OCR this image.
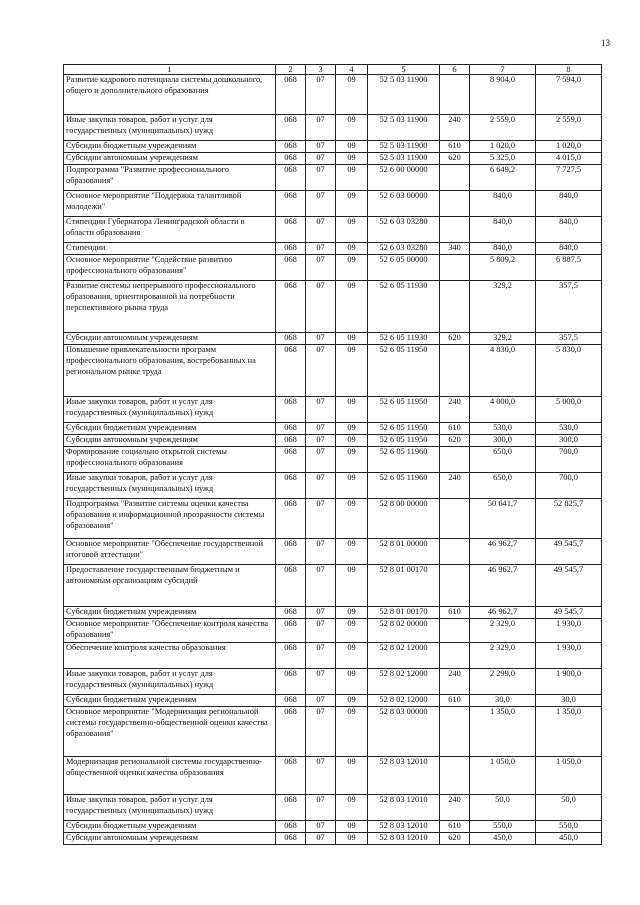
13
1	2	3	4	5	6	7	8
Развитие кадрового потенциала системы дошкольного, общего и дополнительного образования	068	07	09	52 5 03 11900		8 904,0	7 594,0
Иные закупки товаров, работ и услуг для государственных (муниципальных) нужд	068	07	09	52 5 03 11900	240	2 559,0	2 559,0
Субсидии бюджетным учреждениям	068	07	09	52 5 03 11900	610	1 020,0	1 020,0
Субсидии автономным учреждениям	068	07	09	52 5 03 11900	620	5 325,0	4 015,0
Подпрограмма "Развитие профессионального образования"	068	07	09	52 6 00 00000		6 649,2	7 727,5
Основное мероприятие "Поддержка талантливой молодежи"	068	07	09	52 6 03 00000		840,0	840,0
Стипендии Губернатора Ленинградской области в области образования	068	07	09	52 6 03 03280		840,0	840,0
Стипендии	068	07	09	52 6 03 03280	340	840,0	840,0
Основное мероприятие "Содействие развитию профессионального образования"	068	07	09	52 6 05 00000		5 809,2	6 887,5
Развитие системы непрерывного профессионального образования, ориентированной на потребности перспективного рынка труда	068	07	09	52 6 05 11930		329,2	357,5
Субсидии автономным учреждениям	068	07	09	52 6 05 11930	620	329,2	357,5
Повышение привлекательности программ профессионального образования, востребованных на региональном рынке труда	068	07	09	52 6 05 11950		4 830,0	5 830,0
Иные закупки товаров, работ и услуг для государственных (муниципальных) нужд	068	07	09	52 6 05 11950	240	4 000,0	5 000,0
Субсидии бюджетным учреждениям	068	07	09	52 6 05 11950	610	530,0	530,0
Субсидии автономным учреждениям	068	07	09	52 6 05 11950	620	300,0	300,0
Формирование социально открытой системы профессионального образования	068	07	09	52 6 05 11960		650,0	700,0
Иные закупки товаров, работ и услуг для государственных (муниципальных) нужд	068	07	09	52 6 05 11960	240	650,0	700,0
Подпрограмма "Развитие системы оценки качества образования и информационной прозрачности системы образования"	068	07	09	52 8 00 00000		50 641,7	52 825,7
Основное мероприятие "Обеспечение государственной итоговой аттестации"	068	07	09	52 8 01 00000		46 962,7	49 545,7
Предоставление государственным бюджетным и автономным организациям субсидий	068	07	09	52 8 01 00170		46 962,7	49 545,7
Субсидии бюджетным учреждениям	068	07	09	52 8 01 00170	610	46 962,7	49 545,7
Основное мероприятие "Обеспечение контроля качества образования"	068	07	09	52 8 02 00000		2 329,0	1 930,0
Обеспечение контроля качества образования	068	07	09	52 8 02 12000		2 329,0	1 930,0
Иные закупки товаров, работ и услуг для государственных (муниципальных) нужд	068	07	09	52 8 02 12000	240	2 299,0	1 900,0
Субсидии бюджетным учреждениям	068	07	09	52 8 02 12000	610	30,0	30,0
Основное мероприятие "Модернизация региональной системы государственно-общественной оценки качества образования"	068	07	09	52 8 03 00000		1 350,0	1 350,0
Модернизация региональной системы государственно-общественной оценки качества образования	068	07	09	52 8 03 12010		1 050,0	1 050,0
Иные закупки товаров, работ и услуг для государственных (муниципальных) нужд	068	07	09	52 8 03 12010	240	50,0	50,0
Субсидии бюджетным учреждениям	068	07	09	52 8 03 12010	610	550,0	550,0
Субсидии автономным учреждениям	068	07	09	52 8 03 12010	620	450,0	450,0
